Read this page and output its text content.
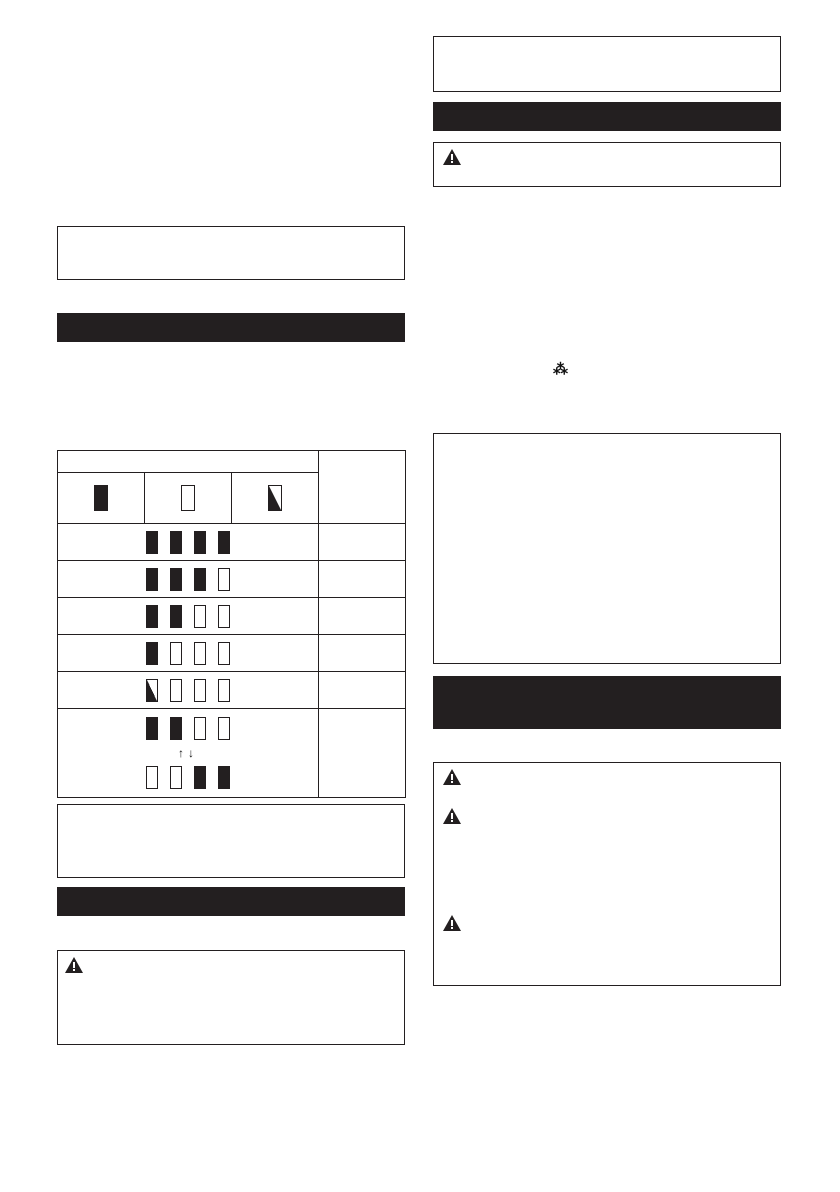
↑↓			

⁂
